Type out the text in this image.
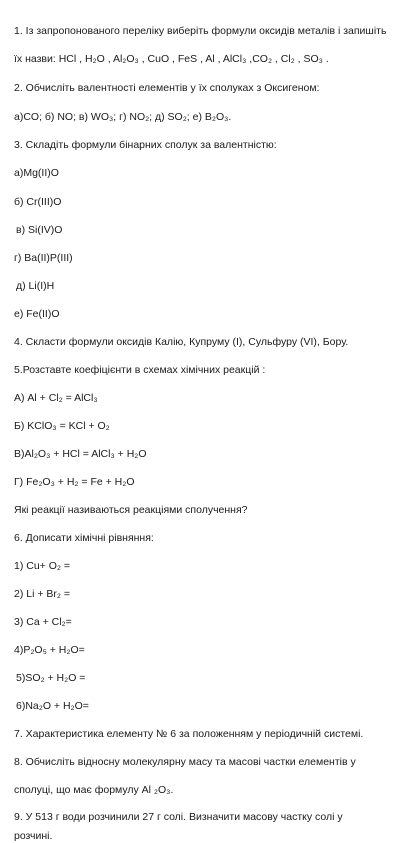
1. Із запропонованого переліку виберіть формули оксидів металів і запишіть
їх назви: HCl , H₂O , Al₂O₃ , CuO , FeS , Al , AlCl₃ ,CO₂ , Cl₂ , SO₃ .
2. Обчисліть валентності елементів у їх сполуках з Оксигеном:
а)CO; б) NO; в) WO₃; г) NO₂; д) SO₂; е) B₂O₃.
3. Складіть формули бінарних сполук за валентністю:
а)Mg(II)O
б) Cr(III)O
в) Si(IV)O
г) Ba(II)P(III)
д) Li(I)H
е) Fe(II)O
4. Скласти формули оксидів Калію, Купруму (І), Сульфуру (VI), Бору.
5.Розставте коефіцієнти в схемах хімічних реакцій :
А) Al + Cl₂ = AlCl₃
Б) KClO₃ = KCl + O₂
В)Al₂O₃ + HCl = AlCl₃ + H₂O
Г) Fe₂O₃ + H₂ = Fe + H₂O
Які реакції називаються реакціями сполучення?
6. Дописати хімічні рівняння:
1) Cu+ O₂ =
2) Li + Br₂ =
3) Ca + Cl₂=
4)P₂O₅ + H₂O=
5)SO₂ + H₂O =
6)Na₂O + H₂O=
7. Характеристика елементу № 6 за положенням у періодичній системі.
8. Обчисліть відносну молекулярну масу та масові частки елементів у
сполуці, що має формулу Al ₂O₃.
9. У 513 г води розчинили 27 г солі. Визначити масову частку солі у
розчині.
